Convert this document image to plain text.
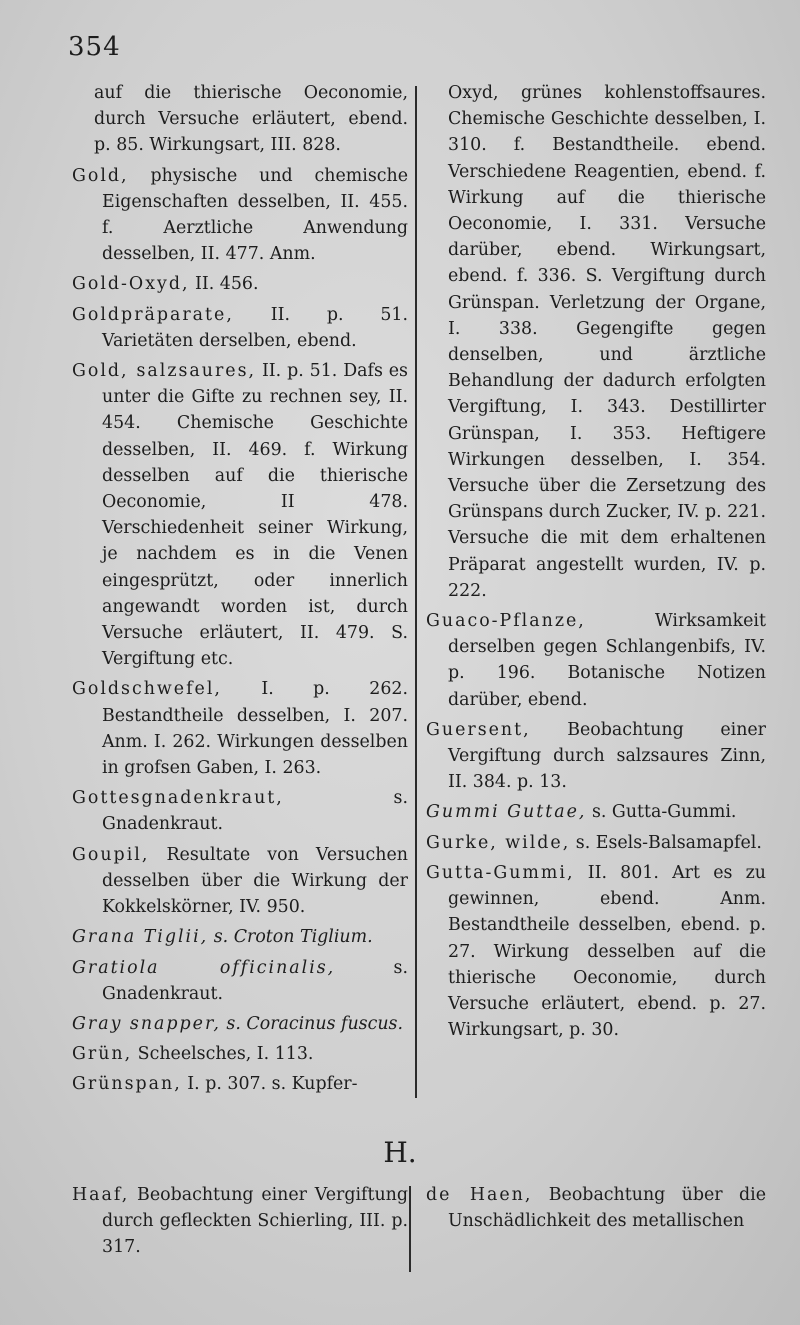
354

auf die thierische Oeconomie, durch Versuche erläutert, ebend. p. 85. Wirkungsart, III. 828.

Gold, physische und chemische Eigenschaften desselben, II. 455. f. Aerztliche Anwendung desselben, II. 477. Anm.

Gold-Oxyd, II. 456.

Goldpräparate, II. p. 51. Varietäten derselben, ebend.

Gold, salzsaures, II. p. 51. Dafs es unter die Gifte zu rechnen sey, II. 454. Chemische Geschichte desselben, II. 469. f. Wirkung desselben auf die thierische Oeconomie, II 478. Verschiedenheit seiner Wirkung, je nachdem es in die Venen eingesprützt, oder innerlich angewandt worden ist, durch Versuche erläutert, II. 479. S. Vergiftung etc.

Goldschwefel, I. p. 262. Bestandtheile desselben, I. 207. Anm. I. 262. Wirkungen desselben in grofsen Gaben, I. 263.

Gottesgnadenkraut, s. Gnadenkraut.

Goupil, Resultate von Versuchen desselben über die Wirkung der Kokkelskörner, IV. 950.

Grana Tiglii, s. Croton Tiglium.

Gratiola officinalis, s. Gnadenkraut.

Gray snapper, s. Coracinus fuscus.

Grün, Scheelsches, I. 113.

Grünspan, I. p. 307. s. Kupfer-

Oxyd, grünes kohlenstoffsaures. Chemische Geschichte desselben, I. 310. f. Bestandtheile. ebend. Verschiedene Reagentien, ebend. f. Wirkung auf die thierische Oeconomie, I. 331. Versuche darüber, ebend. Wirkungsart, ebend. f. 336. S. Vergiftung durch Grünspan. Verletzung der Organe, I. 338. Gegengifte gegen denselben, und ärztliche Behandlung der dadurch erfolgten Vergiftung, I. 343. Destillirter Grünspan, I. 353. Heftigere Wirkungen desselben, I. 354. Versuche über die Zersetzung des Grünspans durch Zucker, IV. p. 221. Versuche die mit dem erhaltenen Präparat angestellt wurden, IV. p. 222.

Guaco-Pflanze, Wirksamkeit derselben gegen Schlangenbifs, IV. p. 196. Botanische Notizen darüber, ebend.

Guersent, Beobachtung einer Vergiftung durch salzsaures Zinn, II. 384. p. 13.

Gummi Guttae, s. Gutta-Gummi.

Gurke, wilde, s. Esels-Balsamapfel.

Gutta-Gummi, II. 801. Art es zu gewinnen, ebend. Anm. Bestandtheile desselben, ebend. p. 27. Wirkung desselben auf die thierische Oeconomie, durch Versuche erläutert, ebend. p. 27. Wirkungsart, p. 30.

H.

Haaf, Beobachtung einer Vergiftung durch gefleckten Schierling, III. p. 317.

de Haen, Beobachtung über die Unschädlichkeit des metallischen
